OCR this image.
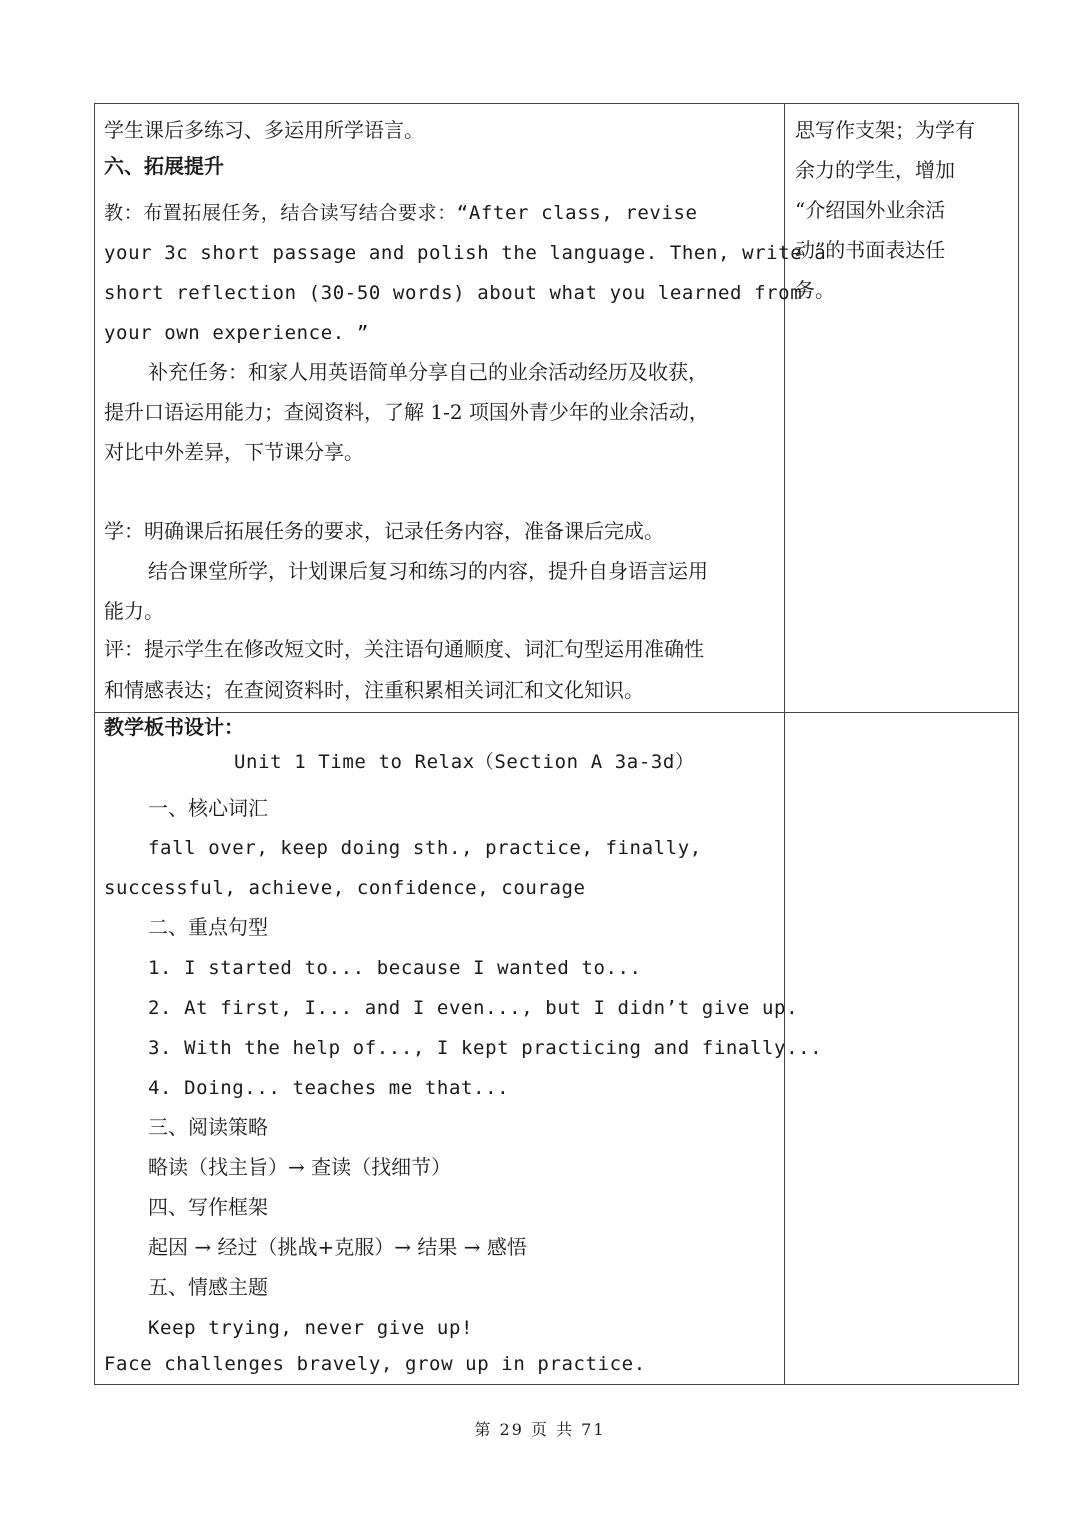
学生课后多练习、多运用所学语言。
六、拓展提升
教：布置拓展任务，结合读写结合要求：“After class, revise
your 3c short passage and polish the language. Then, write a
short reflection (30-50 words) about what you learned from
your own experience. ”
补充任务：和家人用英语简单分享自己的业余活动经历及收获，
提升口语运用能力；查阅资料，了解 1-2 项国外青少年的业余活动，
对比中外差异，下节课分享。
学：明确课后拓展任务的要求，记录任务内容，准备课后完成。
结合课堂所学，计划课后复习和练习的内容，提升自身语言运用
能力。
评：提示学生在修改短文时，关注语句通顺度、词汇句型运用准确性
和情感表达；在查阅资料时，注重积累相关词汇和文化知识。
思写作支架；为学有
余力的学生，增加
“介绍国外业余活
动”的书面表达任
务。
教学板书设计：
Unit 1 Time to Relax（Section A 3a-3d）
一、核心词汇
fall over, keep doing sth., practice, finally,
successful, achieve, confidence, courage
二、重点句型
1. I started to... because I wanted to...
2. At first, I... and I even..., but I didn’t give up.
3. With the help of..., I kept practicing and finally...
4. Doing... teaches me that...
三、阅读策略
略读（找主旨）→ 查读（找细节）
四、写作框架
起因 → 经过（挑战+克服）→ 结果 → 感悟
五、情感主题
Keep trying, never give up!
Face challenges bravely, grow up in practice.
第 29 页 共 71
